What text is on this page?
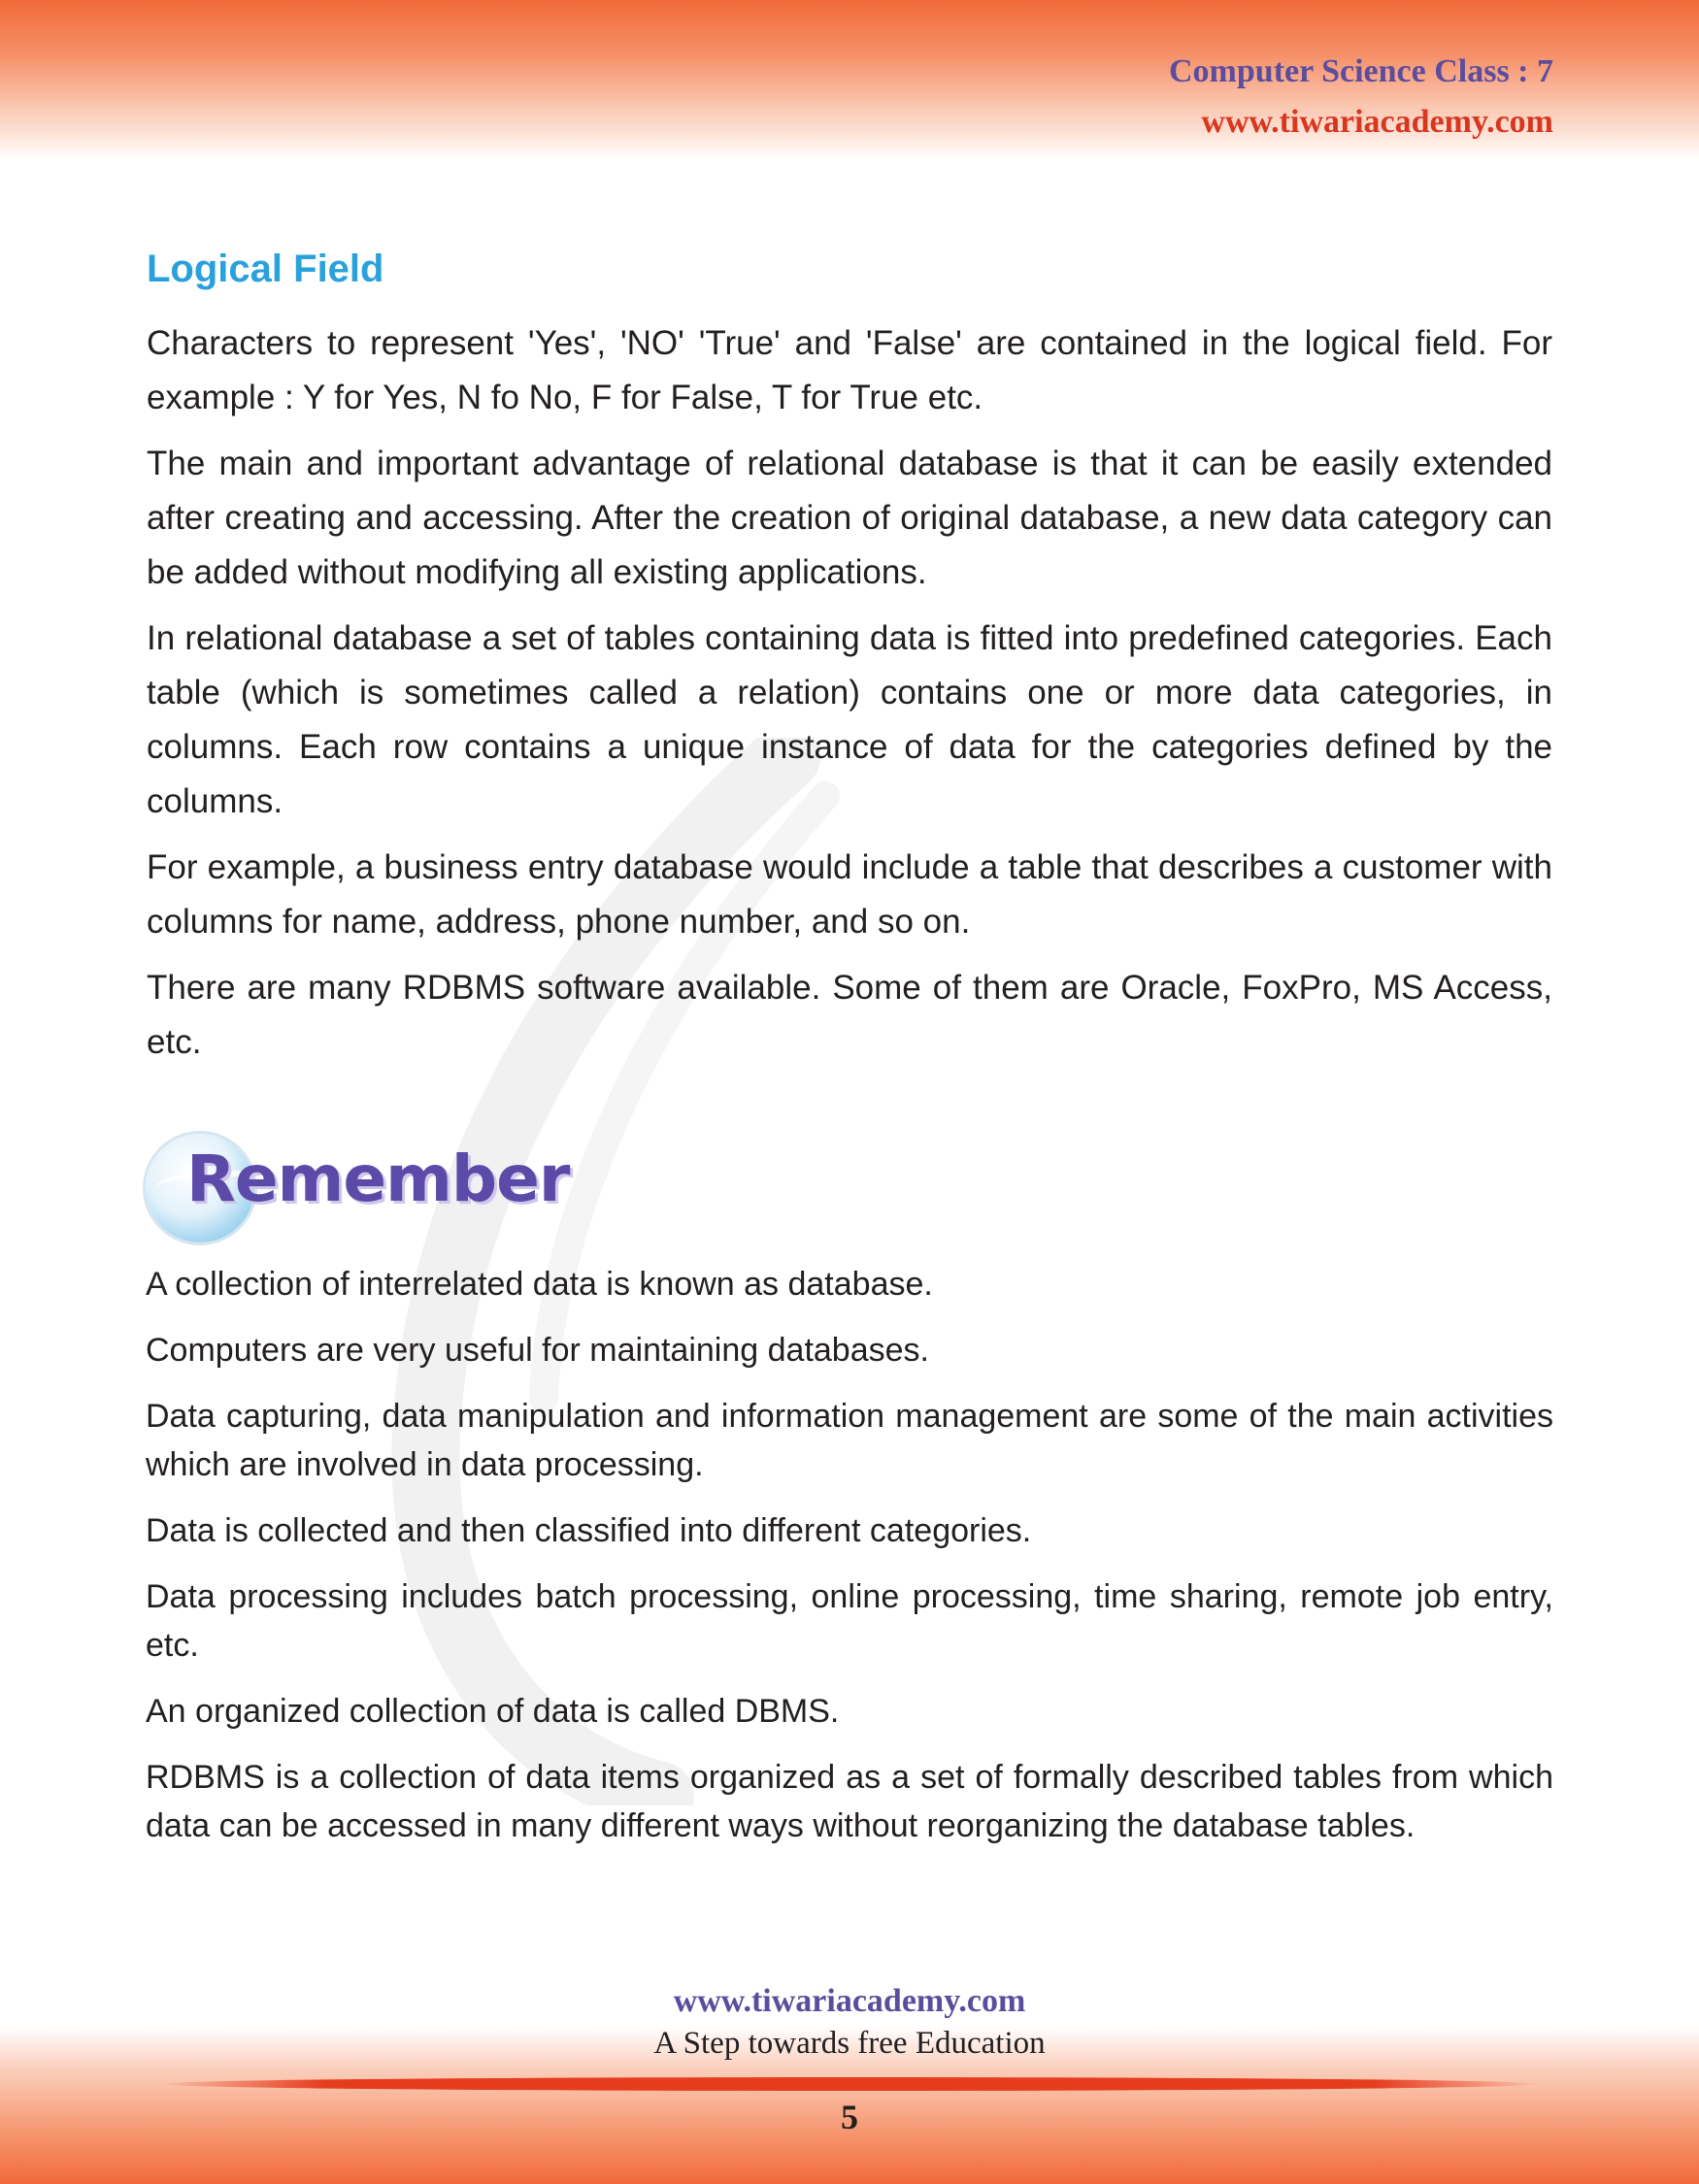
Computer Science Class : 7
www.tiwariacademy.com
Logical Field

Characters to represent 'Yes', 'NO' 'True' and 'False' are contained in the logical field. For example : Y for Yes, N fo No, F for False, T for True etc.

The main and important advantage of relational database is that it can be easily extended after creating and accessing. After the creation of original database, a new data category can be added without modifying all existing applications.

In relational database a set of tables containing data is fitted into predefined categories. Each table (which is sometimes called a relation) contains one or more data categories, in columns. Each row contains a unique instance of data for the categories defined by the columns.

For example, a business entry database would include a table that describes a customer with columns for name, address, phone number, and so on.

There are many RDBMS software available. Some of them are Oracle, FoxPro, MS Access, etc.

Remember

A collection of interrelated data is known as database.

Computers are very useful for maintaining databases.

Data capturing, data manipulation and information management are some of the main activities which are involved in data processing.

Data is collected and then classified into different categories.

Data processing includes batch processing, online processing, time sharing, remote job entry, etc.

An organized collection of data is called DBMS.

RDBMS is a collection of data items organized as a set of formally described tables from which data can be accessed in many different ways without reorganizing the database tables.

www.tiwariacademy.com
A Step towards free Education
5
